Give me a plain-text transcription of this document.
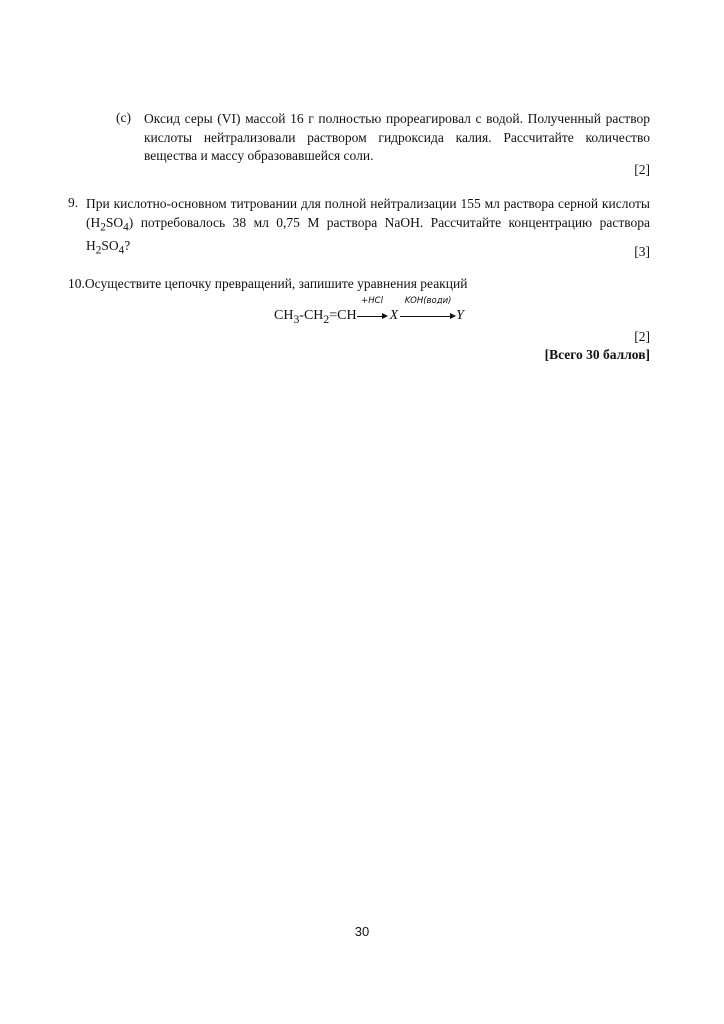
(c) Оксид серы (VI) массой 16 г полностью прореагировал с водой. Полученный раствор кислоты нейтрализовали раствором гидроксида калия. Рассчитайте количество вещества и массу образовавшейся соли.
[2]
9. При кислотно-основном титровании для полной нейтрализации 155 мл раствора серной кислоты $(H_2SO_4)$ потребовалось 38 мл 0,75 М раствора NaOH. Рассчитайте концентрацию раствора $H_2SO_4$?	[3]
10.Осуществите цепочку превращений, запишите уравнения реакций
$CH_3-CH_2=CH$
+HCl
X
KOH(води)
Y
[2]
[Всего 30 баллов]
30
